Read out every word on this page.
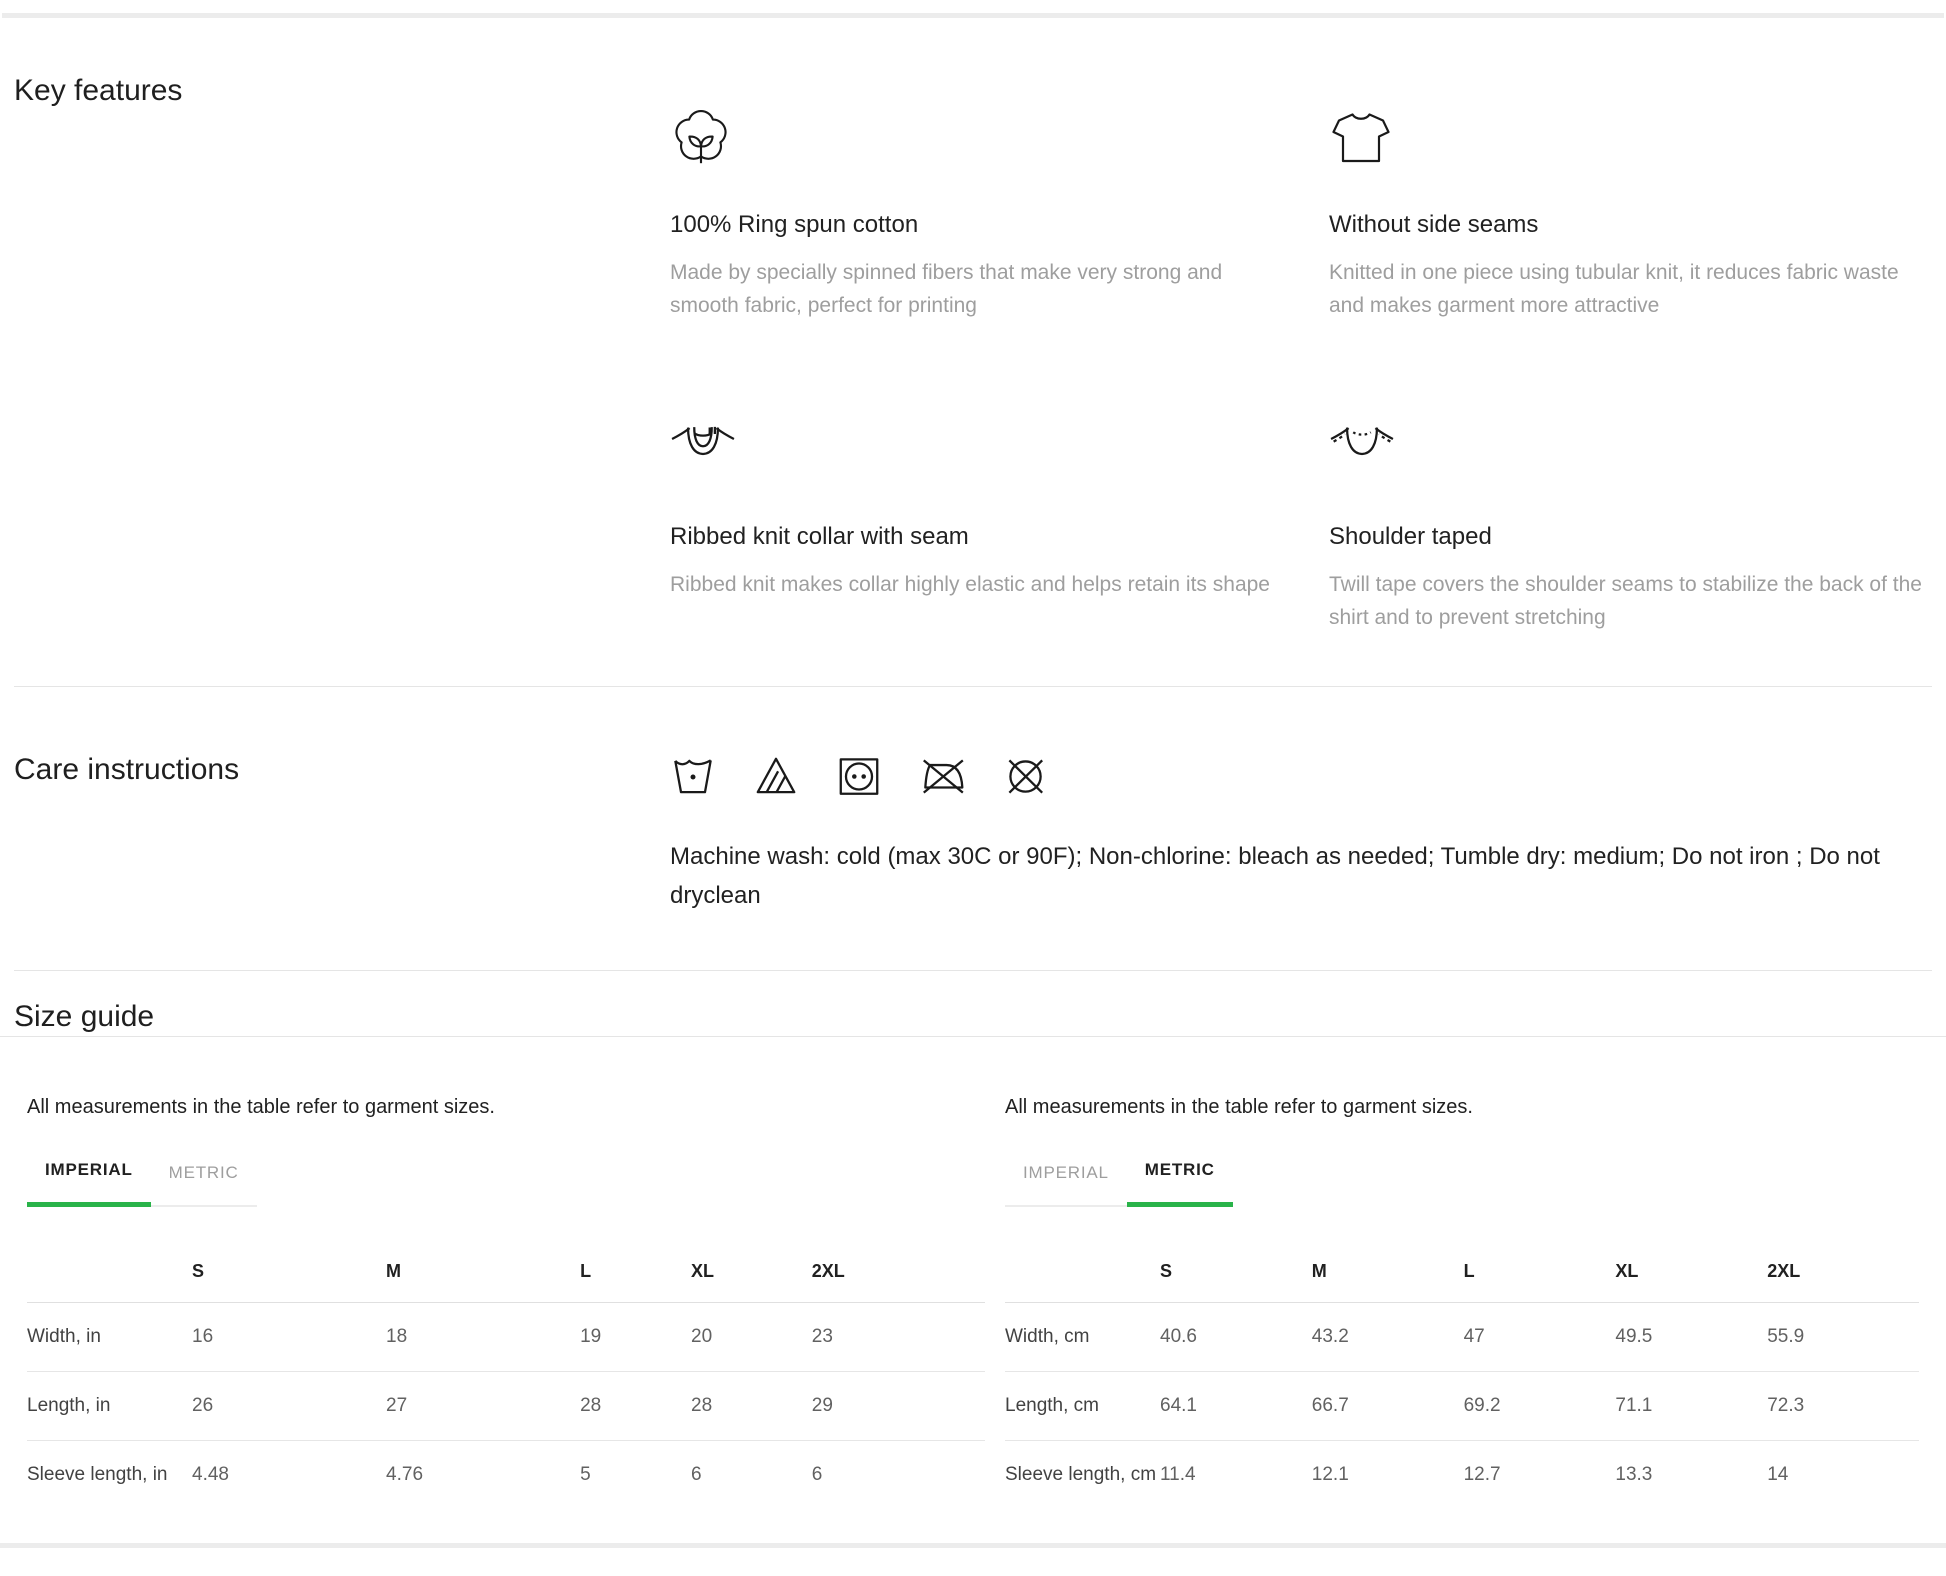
Key features
100% Ring spun cotton
Made by specially spinned fibers that make very strong and smooth fabric, perfect for printing
Without side seams
Knitted in one piece using tubular knit, it reduces fabric waste and makes garment more attractive
Ribbed knit collar with seam
Ribbed knit makes collar highly elastic and helps retain its shape
Shoulder taped
Twill tape covers the shoulder seams to stabilize the back of the shirt and to prevent stretching
Care instructions
Machine wash: cold (max 30C or 90F); Non-chlorine: bleach as needed; Tumble dry: medium; Do not iron ; Do not dryclean
Size guide
All measurements in the table refer to garment sizes.
IMPERIAL	METRIC
	S	M	L	XL	2XL
Width, in	16	18	19	20	23
Length, in	26	27	28	28	29
Sleeve length, in	4.48	4.76	5	6	6
All measurements in the table refer to garment sizes.
IMPERIAL	METRIC
	S	M	L	XL	2XL
Width, cm	40.6	43.2	47	49.5	55.9
Length, cm	64.1	66.7	69.2	71.1	72.3
Sleeve length, cm	11.4	12.1	12.7	13.3	14
